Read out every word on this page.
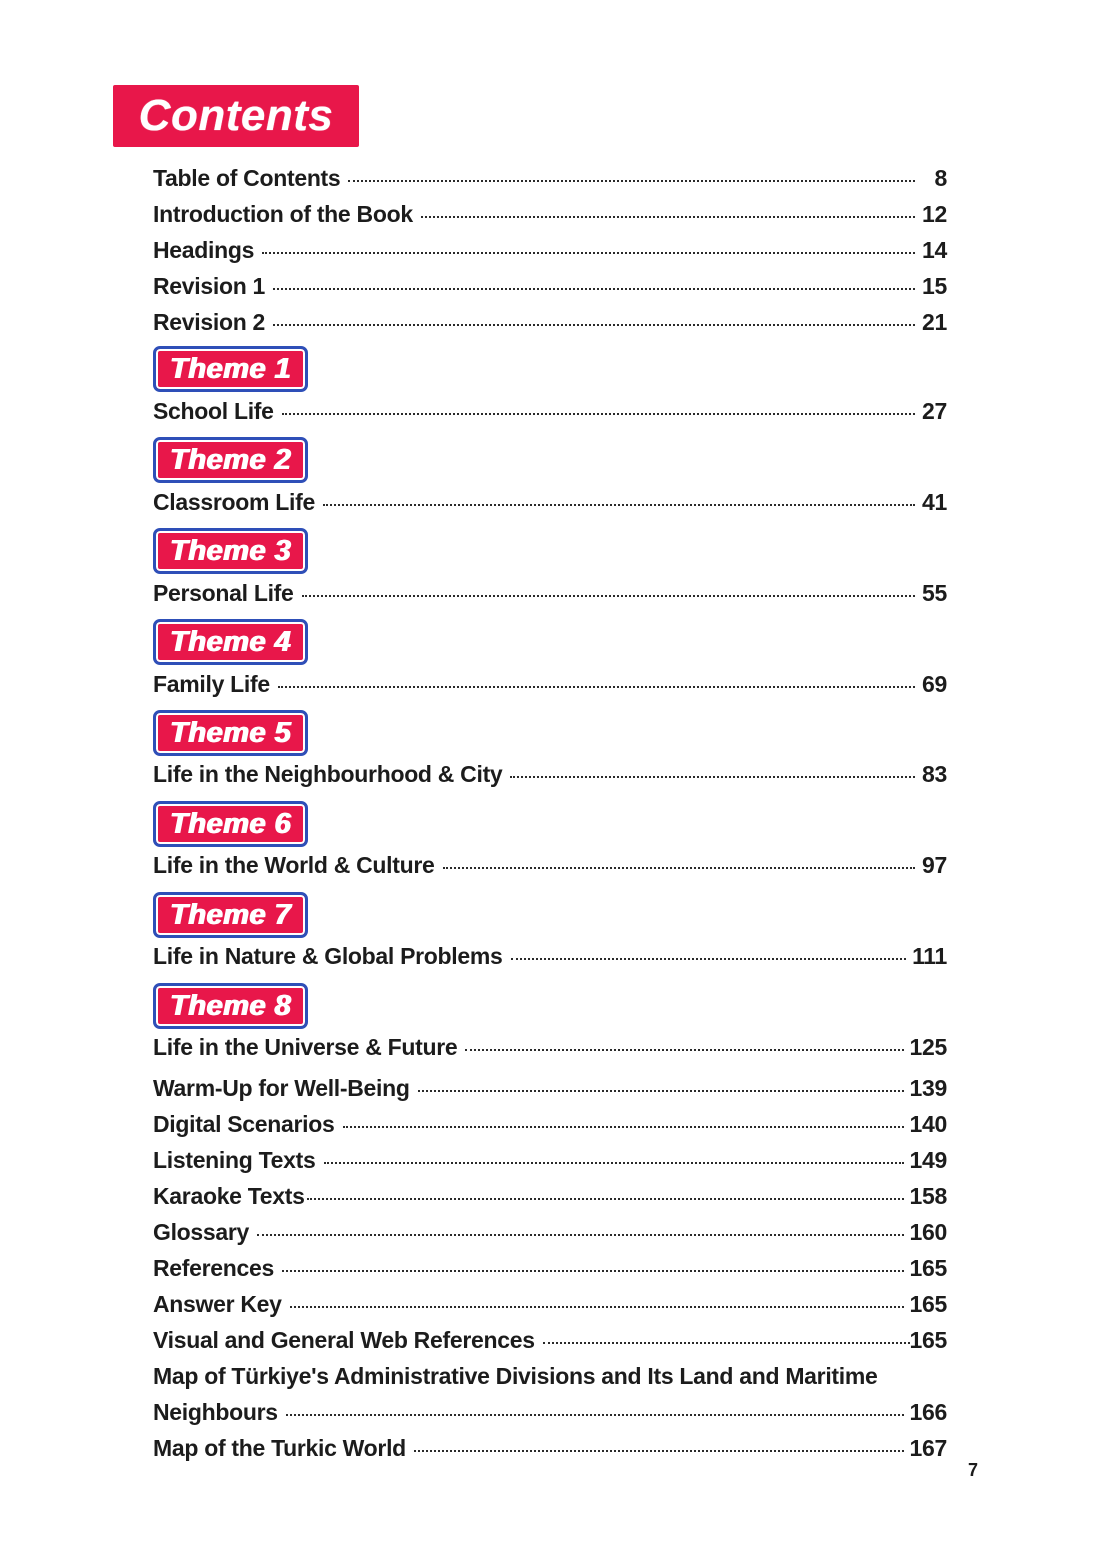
Contents
Table of Contents	8
Introduction of the Book	12
Headings	14
Revision 1	15
Revision 2	21
Theme 1
School Life	27
Theme 2
Classroom Life	41
Theme 3
Personal Life	55
Theme 4
Family Life	69
Theme 5
Life in the Neighbourhood & City	83
Theme 6
Life in the World & Culture	97
Theme 7
Life in Nature & Global Problems	111
Theme 8
Life in the Universe & Future	125
Warm-Up for Well-Being	139
Digital Scenarios	140
Listening Texts	149
Karaoke Texts	158
Glossary	160
References	165
Answer Key	165
Visual and General Web References	165
Map of Türkiye's Administrative Divisions and Its Land and Maritime
Neighbours	166
Map of the Turkic World	167
7
